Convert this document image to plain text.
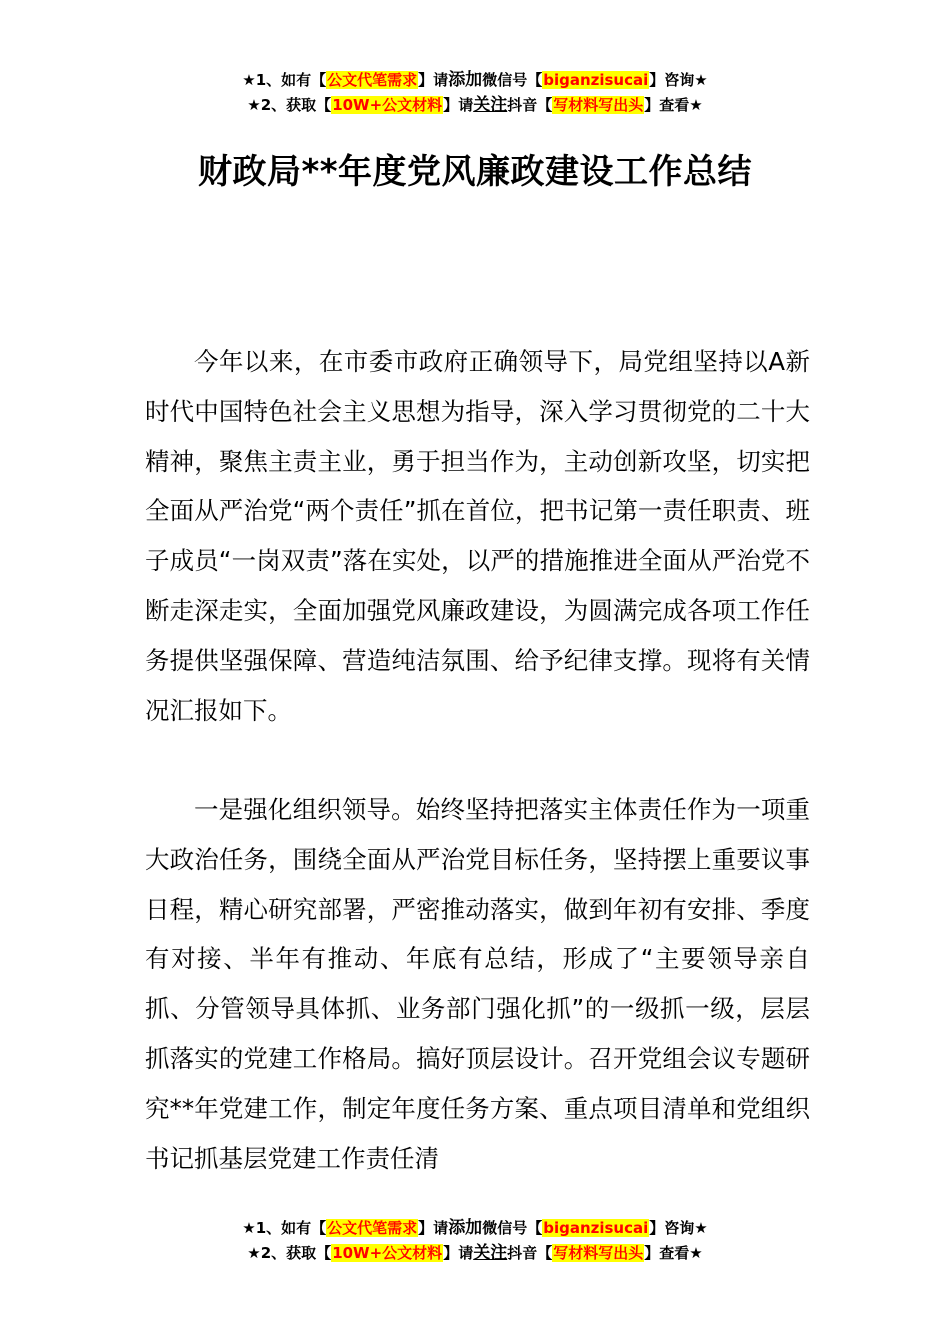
★1、如有【公文代笔需求】请添加微信号【biganzisucai】咨询★
★2、获取【10W+公文材料】请关注抖音【写材料写出头】查看★
财政局**年度党风廉政建设工作总结

今年以来，在市委市政府正确领导下，局党组坚持以A新时代中国特色社会主义思想为指导，深入学习贯彻党的二十大精神，聚焦主责主业，勇于担当作为，主动创新攻坚，切实把全面从严治党“两个责任”抓在首位，把书记第一责任职责、班子成员“一岗双责”落在实处，以严的措施推进全面从严治党不断走深走实，全面加强党风廉政建设，为圆满完成各项工作任务提供坚强保障、营造纯洁氛围、给予纪律支撑。现将有关情况汇报如下。

一是强化组织领导。始终坚持把落实主体责任作为一项重大政治任务，围绕全面从严治党目标任务，坚持摆上重要议事日程，精心研究部署，严密推动落实，做到年初有安排、季度有对接、半年有推动、年底有总结，形成了“主要领导亲自抓、分管领导具体抓、业务部门强化抓”的一级抓一级，层层抓落实的党建工作格局。搞好顶层设计。召开党组会议专题研究**年党建工作，制定年度任务方案、重点项目清单和党组织书记抓基层党建工作责任清

★1、如有【公文代笔需求】请添加微信号【biganzisucai】咨询★
★2、获取【10W+公文材料】请关注抖音【写材料写出头】查看★
